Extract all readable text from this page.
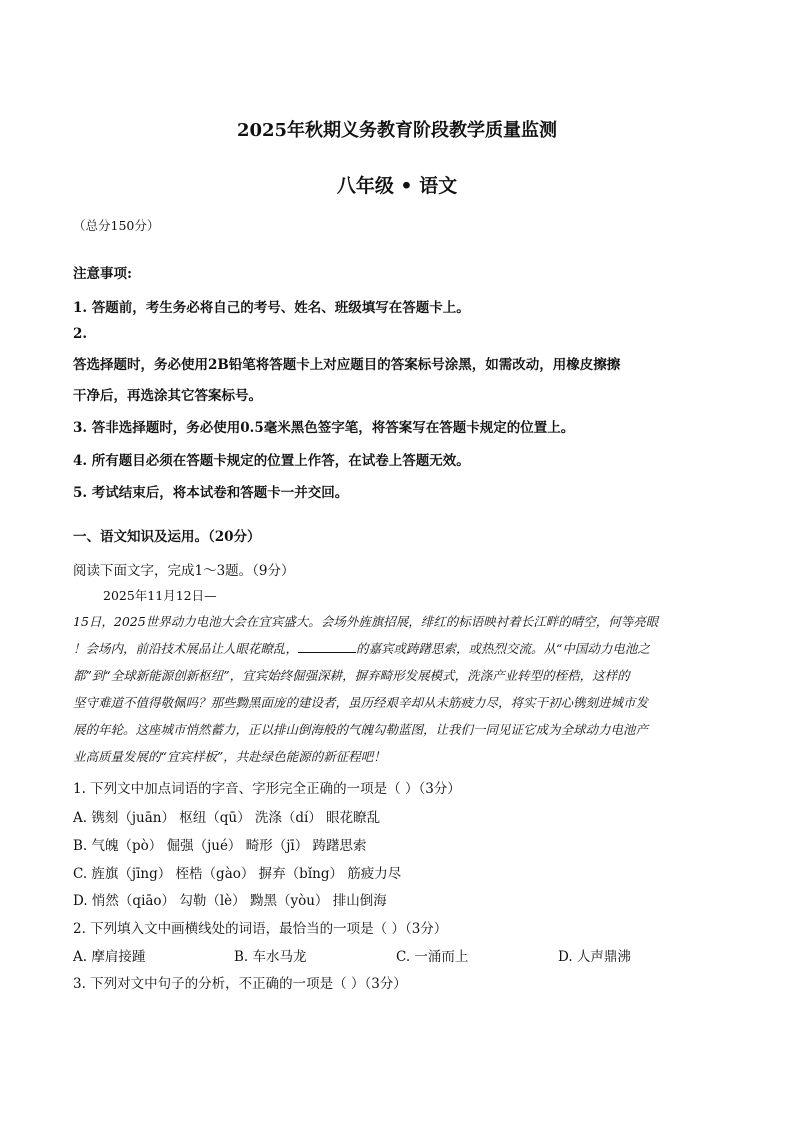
2025年秋期义务教育阶段教学质量监测
八年级 • 语文
（总分150分）
注意事项:
1. 答题前，考生务必将自己的考号、姓名、班级填写在答题卡上。
2.
答选择题时，务必使用2B铅笔将答题卡上对应题目的答案标号涂黑，如需改动，用橡皮擦擦
干净后，再选涂其它答案标号。
3. 答非选择题时，务必使用0.5毫米黑色签字笔，将答案写在答题卡规定的位置上。
4. 所有题目必须在答题卡规定的位置上作答，在试卷上答题无效。
5. 考试结束后，将本试卷和答题卡一并交回。
一、语文知识及运用。（20分）
阅读下面文字，完成1～3题。（9分）
2025年11月12日—
15日，2025世界动力电池大会在宜宾盛大。会场外旌旗招展，绯红的标语映衬着长江畔的晴空，何等亮眼
！会场内，前沿技术展品让人眼花瞭乱，	的嘉宾或踌躇思索，或热烈交流。从“中国动力电池之
都”到“全球新能源创新枢纽”，宜宾始终倔强深耕，摒弃畸形发展模式，洗涤产业转型的桎梏，这样的
坚守难道不值得敬佩吗？那些黝黑面庞的建设者，虽历经艰辛却从未筋疲力尽，将实干初心镌刻进城市发
展的年轮。这座城市悄然蓄力，正以排山倒海般的气魄勾勒蓝图，让我们一同见证它成为全球动力电池产
业高质量发展的“宜宾样板”，共赴绿色能源的新征程吧！
1. 下列文中加点词语的字音、字形完全正确的一项是（ ）（3分）
A. 镌刻（juān） 枢纽（qū） 洗涤（dí） 眼花瞭乱
B. 气魄（pò） 倔强（jué） 畸形（jī） 踌躇思索
C. 旌旗（jīng） 桎梏（gào） 摒弃（bǐng） 筋疲力尽
D. 悄然（qiāo） 勾勒（lè） 黝黑（yòu） 排山倒海
2. 下列填入文中画横线处的词语，最恰当的一项是（ ）（3分）
A. 摩肩接踵	B. 车水马龙	C. 一涌而上	D. 人声鼎沸
3. 下列对文中句子的分析，不正确的一项是（ ）（3分）
